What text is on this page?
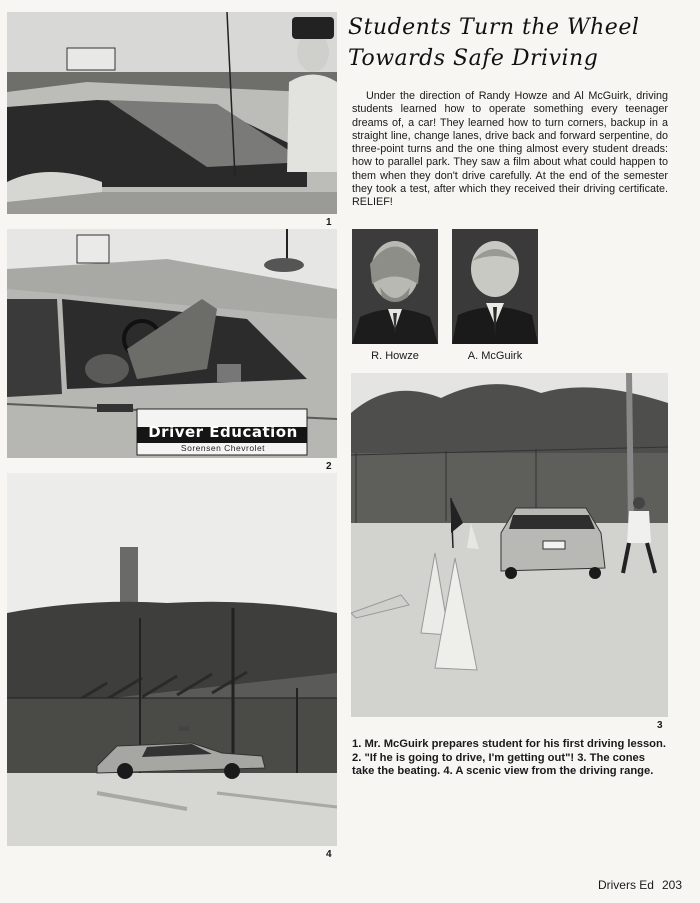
1
Driver Education
Sorensen Chevrolet
2
4
Students Turn the Wheel
Towards Safe Driving

Under the direction of Randy Howze and Al McGuirk, driving students learned how to operate something every teenager dreams of, a car! They learned how to turn corners, backup in a straight line, change lanes, drive back and forward serpentine, do three-point turns and the one thing almost every student dreads: how to parallel park. They saw a film about what could happen to them when they don't drive carefully. At the end of the semester they took a test, after which they received their driving certificate. RELIEF!

R. Howze	A. McGuirk
3

1. Mr. McGuirk prepares student for his first driving lesson. 2. "If he is going to drive, I'm getting out"! 3. The cones take the beating. 4. A scenic view from the driving range.

Drivers Ed 203
